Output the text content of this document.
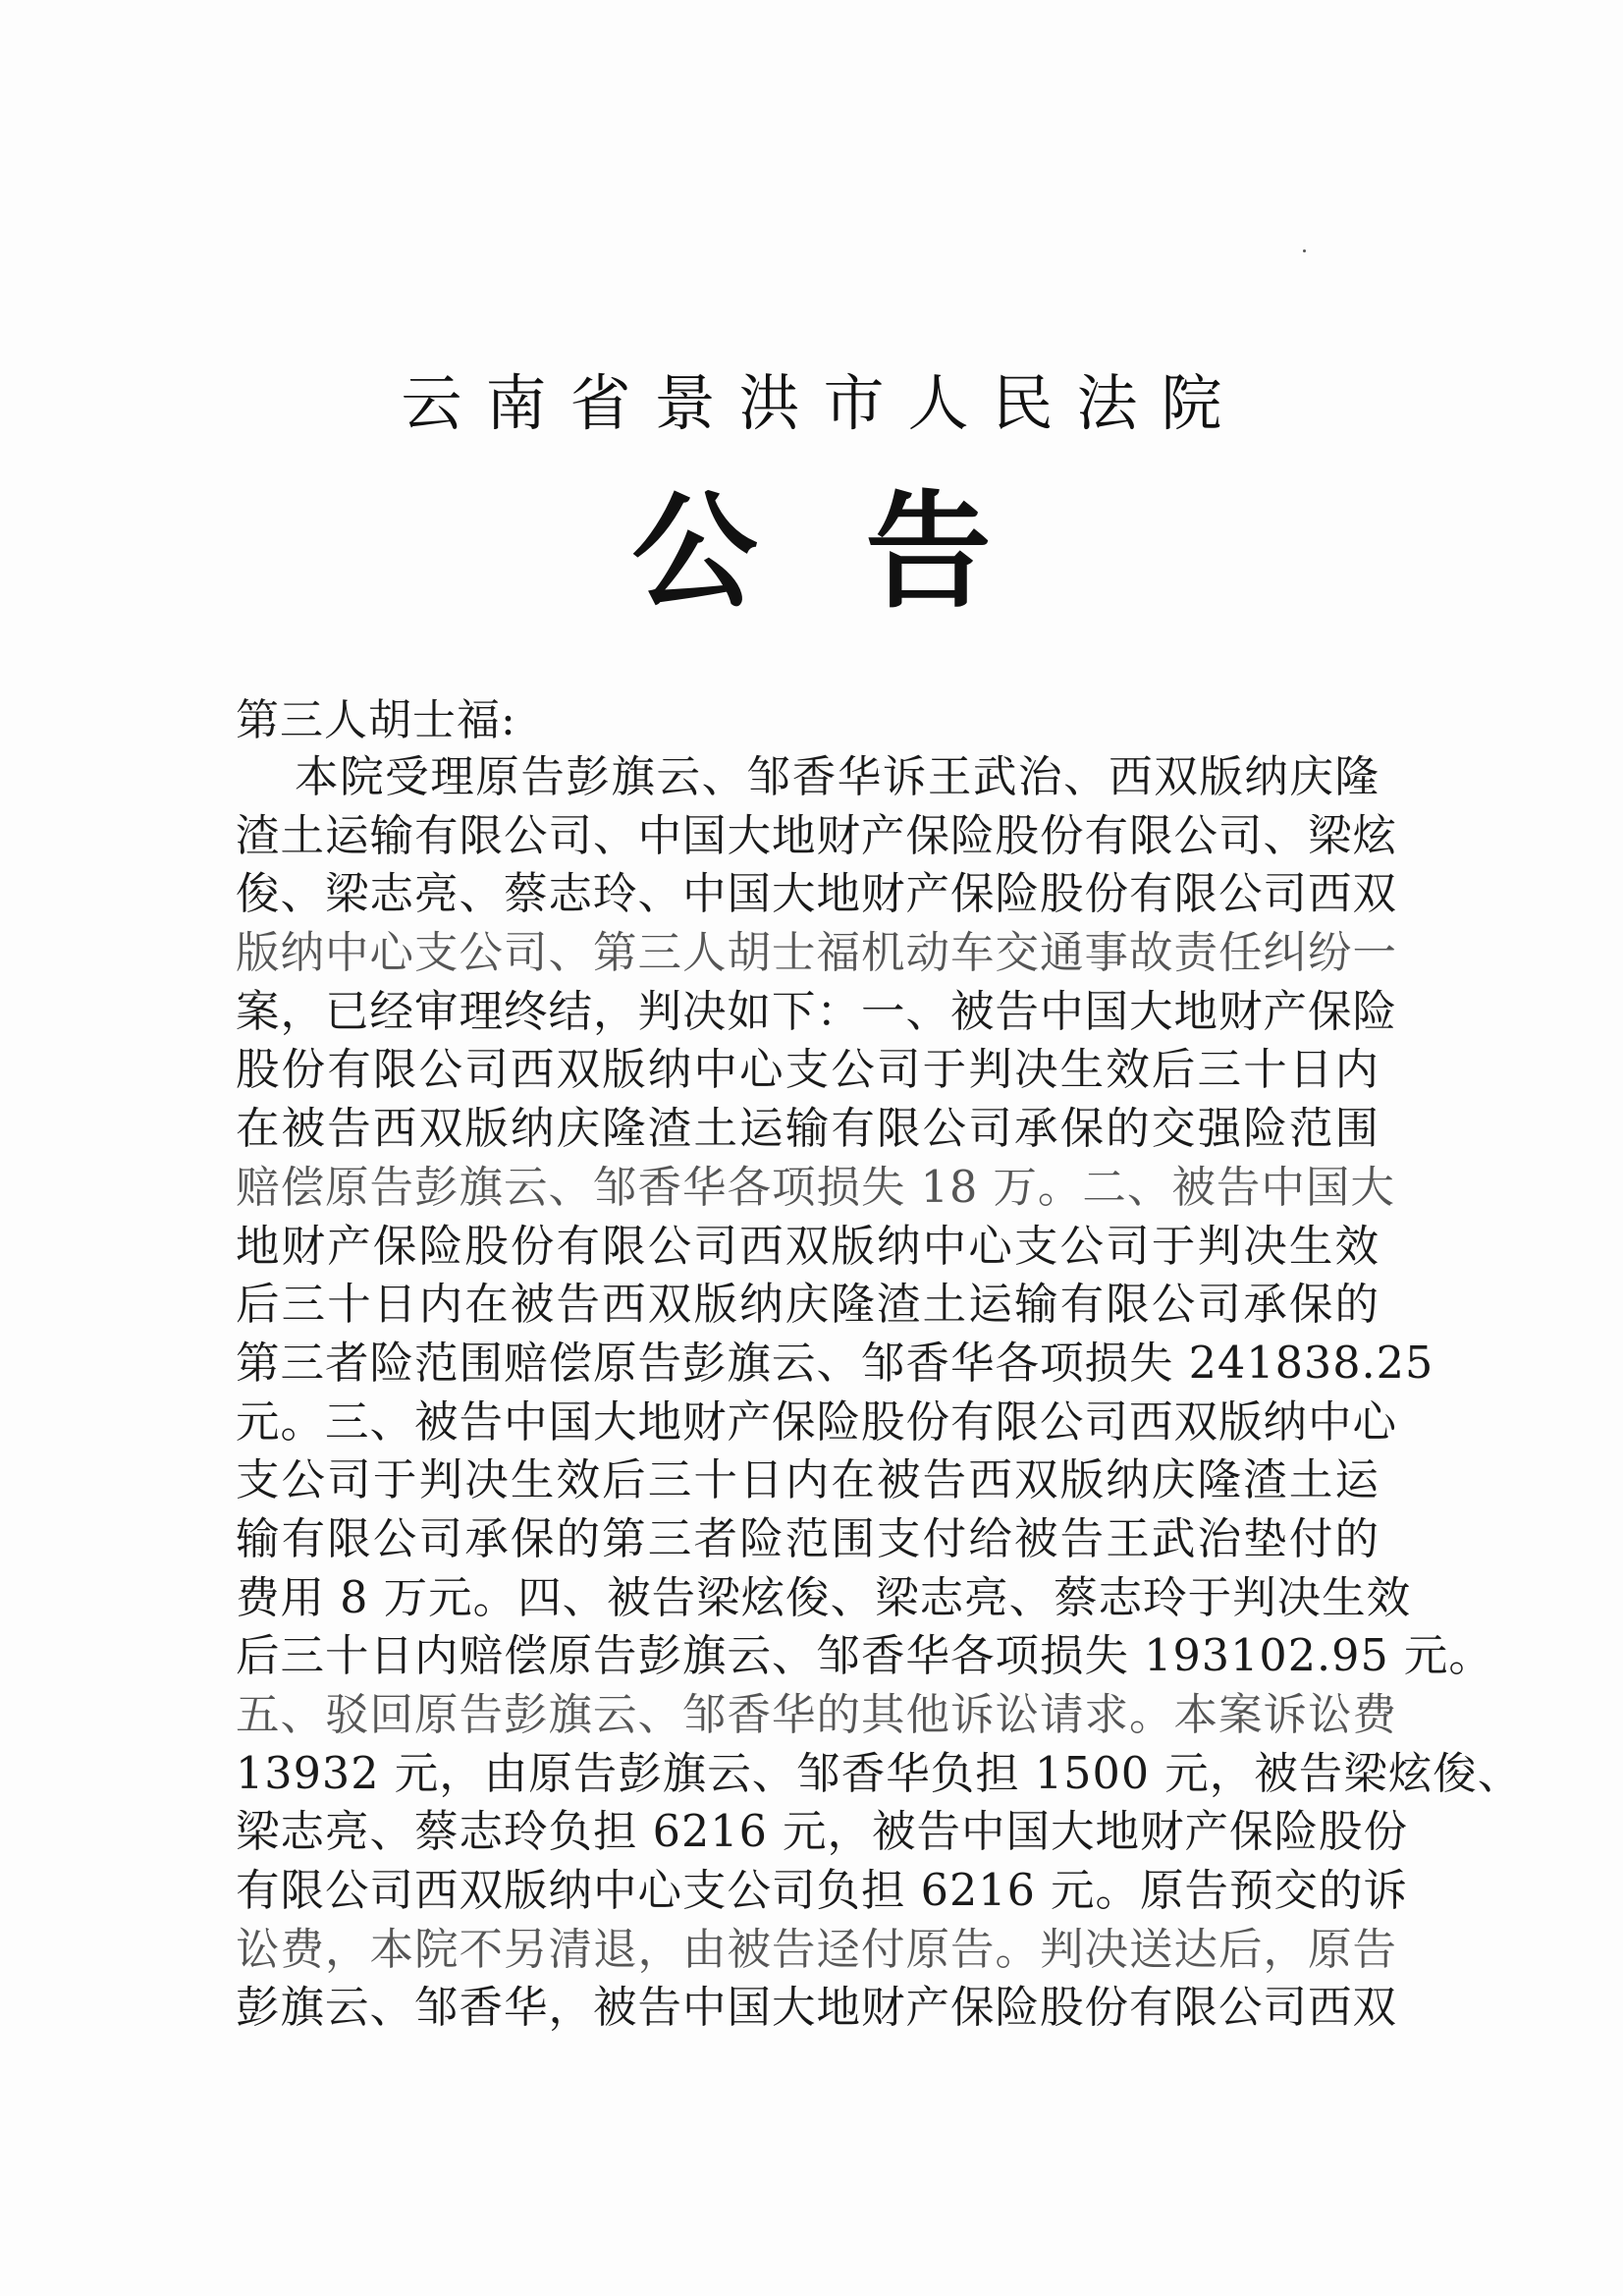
云南省景洪市人民法院
公告
第三人胡士福:
本院受理原告彭旗云、邹香华诉王武治、西双版纳庆隆
渣土运输有限公司、中国大地财产保险股份有限公司、梁炫
俊、梁志亮、蔡志玲、中国大地财产保险股份有限公司西双
版纳中心支公司、第三人胡士福机动车交通事故责任纠纷一
案，已经审理终结，判决如下：一、被告中国大地财产保险
股份有限公司西双版纳中心支公司于判决生效后三十日内
在被告西双版纳庆隆渣土运输有限公司承保的交强险范围
赔偿原告彭旗云、邹香华各项损失 18 万。二、被告中国大
地财产保险股份有限公司西双版纳中心支公司于判决生效
后三十日内在被告西双版纳庆隆渣土运输有限公司承保的
第三者险范围赔偿原告彭旗云、邹香华各项损失 241838.25
元。三、被告中国大地财产保险股份有限公司西双版纳中心
支公司于判决生效后三十日内在被告西双版纳庆隆渣土运
输有限公司承保的第三者险范围支付给被告王武治垫付的
费用 8 万元。四、被告梁炫俊、梁志亮、蔡志玲于判决生效
后三十日内赔偿原告彭旗云、邹香华各项损失 193102.95 元。
五、驳回原告彭旗云、邹香华的其他诉讼请求。本案诉讼费
13932 元，由原告彭旗云、邹香华负担 1500 元，被告梁炫俊、
梁志亮、蔡志玲负担 6216 元，被告中国大地财产保险股份
有限公司西双版纳中心支公司负担 6216 元。原告预交的诉
讼费，本院不另清退，由被告迳付原告。判决送达后，原告
彭旗云、邹香华，被告中国大地财产保险股份有限公司西双
